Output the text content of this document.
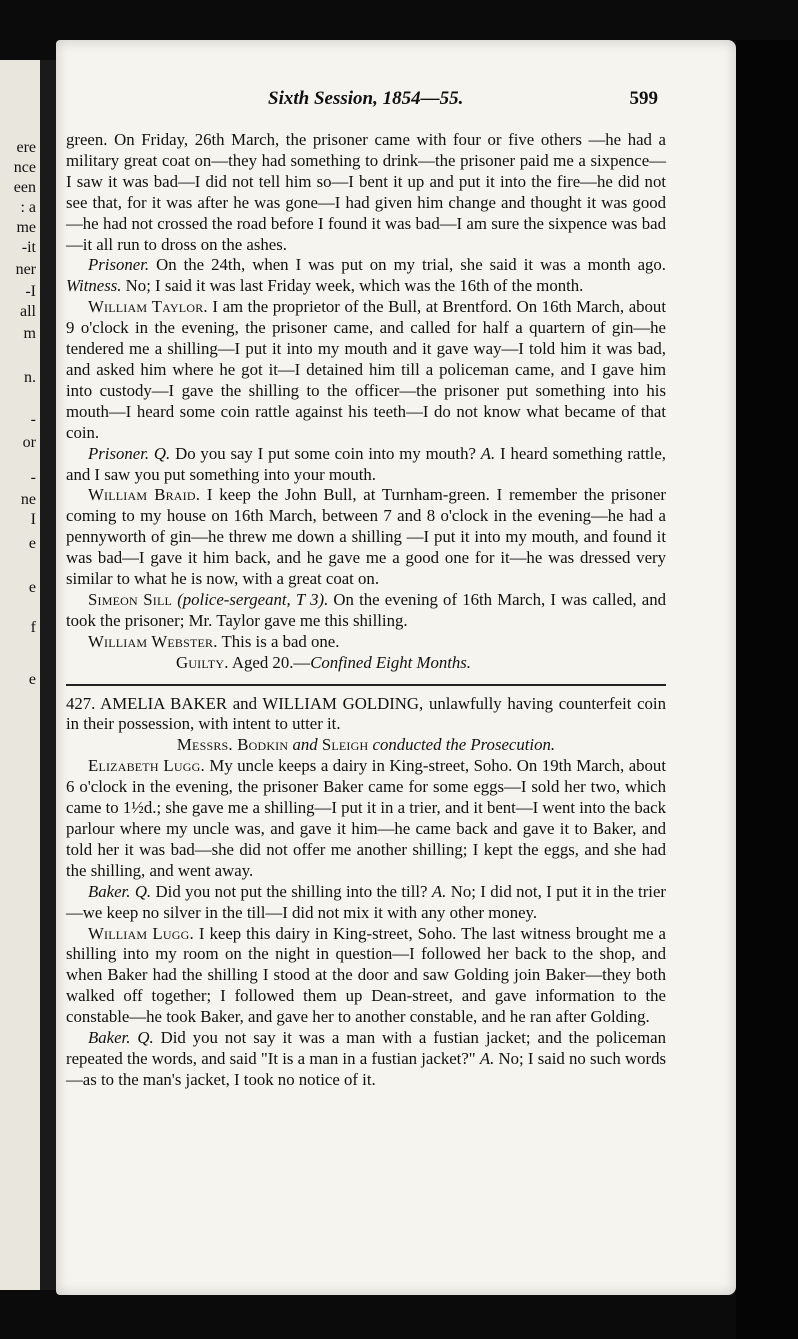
ere
nce
een
: a
me
-it
ner
-I
all
m
n.
-
or
-
ne
I
e
e
f
e
Sixth Session, 1854—55.	599

green. On Friday, 26th March, the prisoner came with four or five others —he had a military great coat on—they had something to drink—the prisoner paid me a sixpence—I saw it was bad—I did not tell him so—I bent it up and put it into the fire—he did not see that, for it was after he was gone—I had given him change and thought it was good—he had not crossed the road before I found it was bad—I am sure the sixpence was bad —it all run to dross on the ashes.

Prisoner. On the 24th, when I was put on my trial, she said it was a month ago. Witness. No; I said it was last Friday week, which was the 16th of the month.

William Taylor. I am the proprietor of the Bull, at Brentford. On 16th March, about 9 o'clock in the evening, the prisoner came, and called for half a quartern of gin—he tendered me a shilling—I put it into my mouth and it gave way—I told him it was bad, and asked him where he got it—I detained him till a policeman came, and I gave him into custody—I gave the shilling to the officer—the prisoner put something into his mouth—I heard some coin rattle against his teeth—I do not know what became of that coin.

Prisoner. Q. Do you say I put some coin into my mouth? A. I heard something rattle, and I saw you put something into your mouth.

William Braid. I keep the John Bull, at Turnham-green. I remember the prisoner coming to my house on 16th March, between 7 and 8 o'clock in the evening—he had a pennyworth of gin—he threw me down a shilling —I put it into my mouth, and found it was bad—I gave it him back, and he gave me a good one for it—he was dressed very similar to what he is now, with a great coat on.

Simeon Sill (police-sergeant, T 3). On the evening of 16th March, I was called, and took the prisoner; Mr. Taylor gave me this shilling.

William Webster. This is a bad one.

Guilty. Aged 20.—Confined Eight Months.

427. AMELIA BAKER and WILLIAM GOLDING, unlawfully having counterfeit coin in their possession, with intent to utter it.

Messrs. Bodkin and Sleigh conducted the Prosecution.

Elizabeth Lugg. My uncle keeps a dairy in King-street, Soho. On 19th March, about 6 o'clock in the evening, the prisoner Baker came for some eggs—I sold her two, which came to 1½d.; she gave me a shilling—I put it in a trier, and it bent—I went into the back parlour where my uncle was, and gave it him—he came back and gave it to Baker, and told her it was bad—she did not offer me another shilling; I kept the eggs, and she had the shilling, and went away.

Baker. Q. Did you not put the shilling into the till? A. No; I did not, I put it in the trier—we keep no silver in the till—I did not mix it with any other money.

William Lugg. I keep this dairy in King-street, Soho. The last witness brought me a shilling into my room on the night in question—I followed her back to the shop, and when Baker had the shilling I stood at the door and saw Golding join Baker—they both walked off together; I followed them up Dean-street, and gave information to the constable—he took Baker, and gave her to another constable, and he ran after Golding.

Baker. Q. Did you not say it was a man with a fustian jacket; and the policeman repeated the words, and said "It is a man in a fustian jacket?" A. No; I said no such words—as to the man's jacket, I took no notice of it.
